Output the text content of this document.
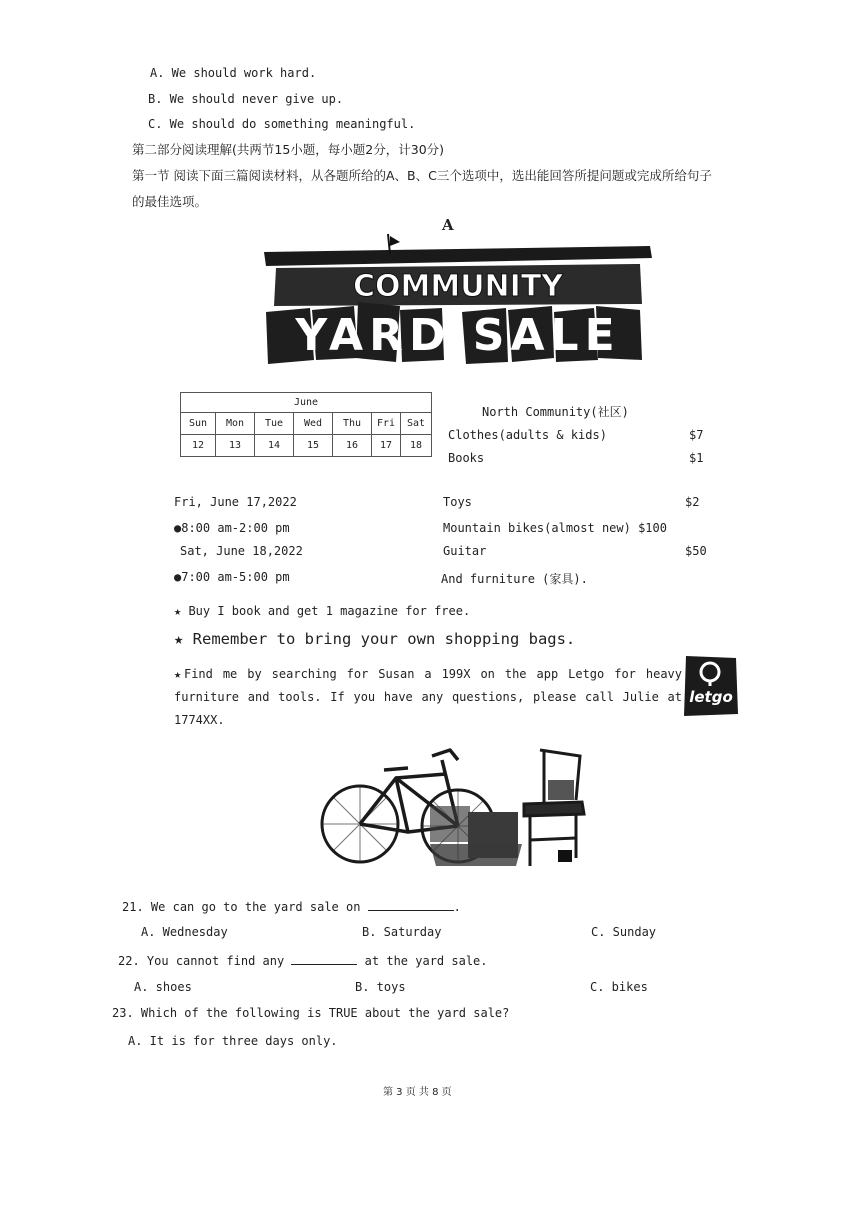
A. We should work hard.
B. We should never give up.
C. We should do something meaningful.
第二部分阅读理解(共两节15小题，每小题2分，计30分)
第一节 阅读下面三篇阅读材料，从各题所给的A、B、C三个选项中，选出能回答所提问题或完成所给句子
的最佳选项。
A
COMMUNITY
YARD SALE
June						
Sun	Mon	Tue	Wed	Thu	Fri	Sat
12	13	14	15	16	17	18
North Community(社区)
Clothes(adults & kids)	$7
Books	$1
Toys	$2
Mountain bikes(almost new) $100
Guitar	$50
And furniture (家具).
Fri, June 17,2022
●8:00 am-2:00 pm
Sat, June 18,2022
●7:00 am-5:00 pm
★ Buy I book and get 1 magazine for free.
★ Remember to bring your own shopping bags.
★Find me by searching for Susan a 199X on the app Letgo for heavy
furniture and tools. If you have any questions, please call Julie at
1774XX.
letgo
21. We can go to the yard sale on	.
A. Wednesday	B. Saturday	C. Sunday
22. You cannot find any	at the yard sale.
A. shoes	B. toys	C. bikes
23. Which of the following is TRUE about the yard sale?
A. It is for three days only.
第 3 页 共 8 页
